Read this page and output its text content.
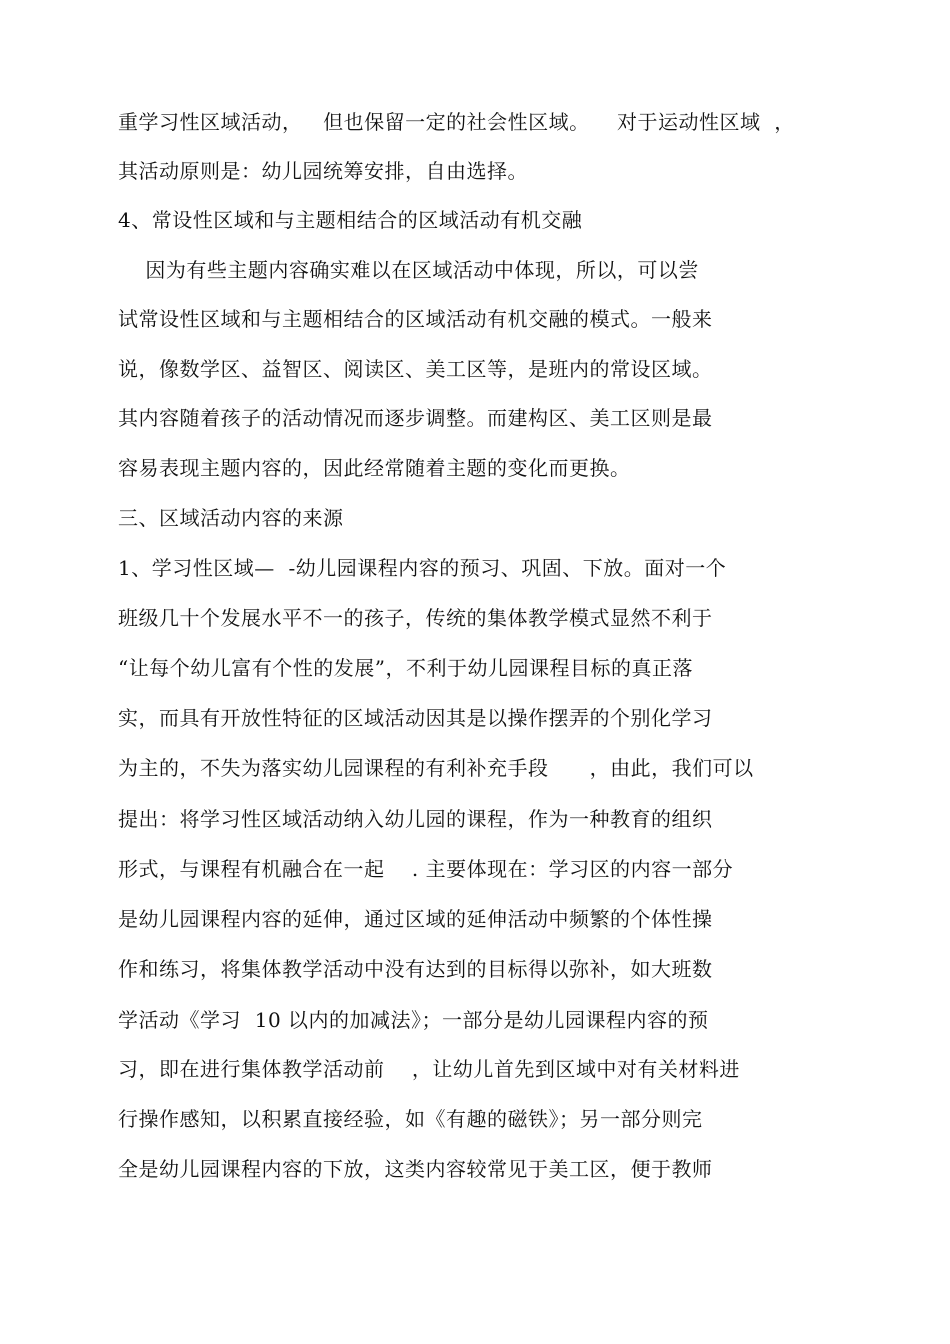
重学习性区域活动，   但也保留一定的社会性区域。    对于运动性区域  ，
其活动原则是：幼儿园统筹安排，自由选择。
4、常设性区域和与主题相结合的区域活动有机交融
因为有些主题内容确实难以在区域活动中体现，所以，可以尝
试常设性区域和与主题相结合的区域活动有机交融的模式。一般来
说，像数学区、益智区、阅读区、美工区等，是班内的常设区域。
其内容随着孩子的活动情况而逐步调整。而建构区、美工区则是最
容易表现主题内容的，因此经常随着主题的变化而更换。
三、区域活动内容的来源
1、学习性区域—  -幼儿园课程内容的预习、巩固、下放。面对一个
班级几十个发展水平不一的孩子，传统的集体教学模式显然不利于
“让每个幼儿富有个性的发展”，不利于幼儿园课程目标的真正落
实，而具有开放性特征的区域活动因其是以操作摆弄的个别化学习
为主的，不失为落实幼儿园课程的有利补充手段      ，由此，我们可以
提出：将学习性区域活动纳入幼儿园的课程，作为一种教育的组织
形式，与课程有机融合在一起    . 主要体现在：学习区的内容一部分
是幼儿园课程内容的延伸，通过区域的延伸活动中频繁的个体性操
作和练习，将集体教学活动中没有达到的目标得以弥补，如大班数
学活动《学习  10 以内的加减法》；一部分是幼儿园课程内容的预
习，即在进行集体教学活动前    ，让幼儿首先到区域中对有关材料进
行操作感知，以积累直接经验，如《有趣的磁铁》；另一部分则完
全是幼儿园课程内容的下放，这类内容较常见于美工区，便于教师
